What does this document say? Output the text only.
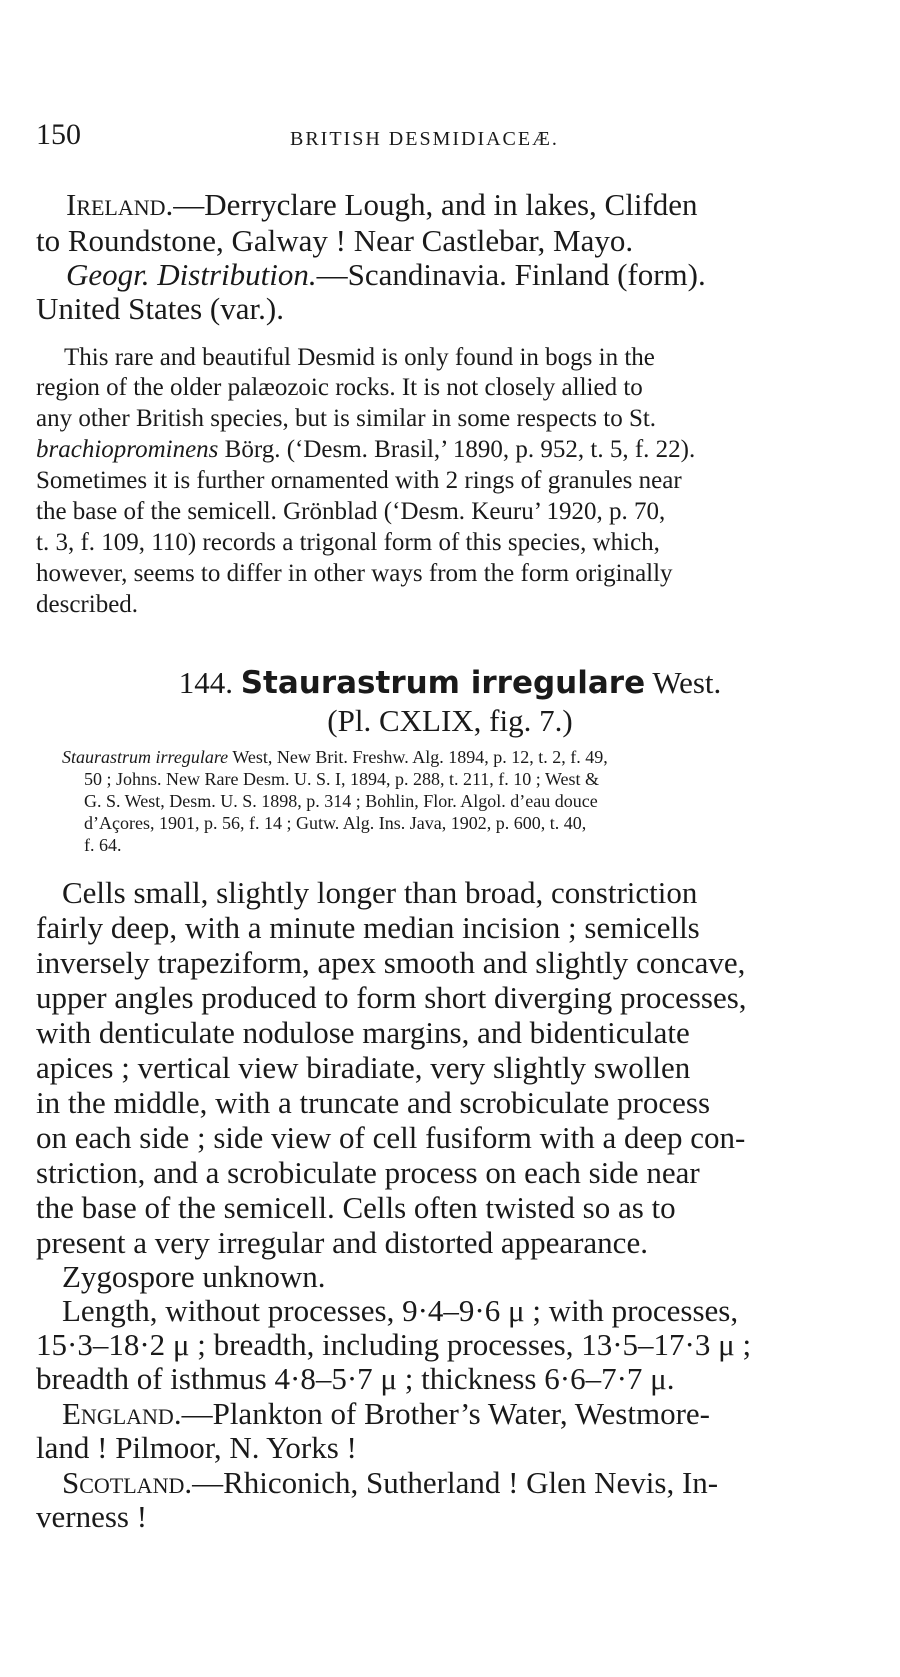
150	BRITISH DESMIDIACEÆ.
Ireland.—Derryclare Lough, and in lakes, Clifden
to Roundstone, Galway ! Near Castlebar, Mayo.
Geogr. Distribution.—Scandinavia. Finland (form).
United States (var.).
This rare and beautiful Desmid is only found in bogs in the
region of the older palæozoic rocks. It is not closely allied to
any other British species, but is similar in some respects to St.
brachioprominens Börg. (‘Desm. Brasil,’ 1890, p. 952, t. 5, f. 22).
Sometimes it is further ornamented with 2 rings of granules near
the base of the semicell. Grönblad (‘Desm. Keuru’ 1920, p. 70,
t. 3, f. 109, 110) records a trigonal form of this species, which,
however, seems to differ in other ways from the form originally
described.
144. Staurastrum irregulare West.
(Pl. CXLIX, fig. 7.)
Staurastrum irregulare West, New Brit. Freshw. Alg. 1894, p. 12, t. 2, f. 49,
50 ; Johns. New Rare Desm. U. S. I, 1894, p. 288, t. 211, f. 10 ; West &
G. S. West, Desm. U. S. 1898, p. 314 ; Bohlin, Flor. Algol. d’eau douce
d’Açores, 1901, p. 56, f. 14 ; Gutw. Alg. Ins. Java, 1902, p. 600, t. 40,
f. 64.
Cells small, slightly longer than broad, constriction
fairly deep, with a minute median incision ; semicells
inversely trapeziform, apex smooth and slightly concave,
upper angles produced to form short diverging processes,
with denticulate nodulose margins, and bidenticulate
apices ; vertical view biradiate, very slightly swollen
in the middle, with a truncate and scrobiculate process
on each side ; side view of cell fusiform with a deep con-
striction, and a scrobiculate process on each side near
the base of the semicell. Cells often twisted so as to
present a very irregular and distorted appearance.
Zygospore unknown.
Length, without processes, 9·4–9·6 μ ; with processes,
15·3–18·2 μ ; breadth, including processes, 13·5–17·3 μ ;
breadth of isthmus 4·8–5·7 μ ; thickness 6·6–7·7 μ.
England.—Plankton of Brother’s Water, Westmore-
land ! Pilmoor, N. Yorks !
Scotland.—Rhiconich, Sutherland ! Glen Nevis, In-
verness !
